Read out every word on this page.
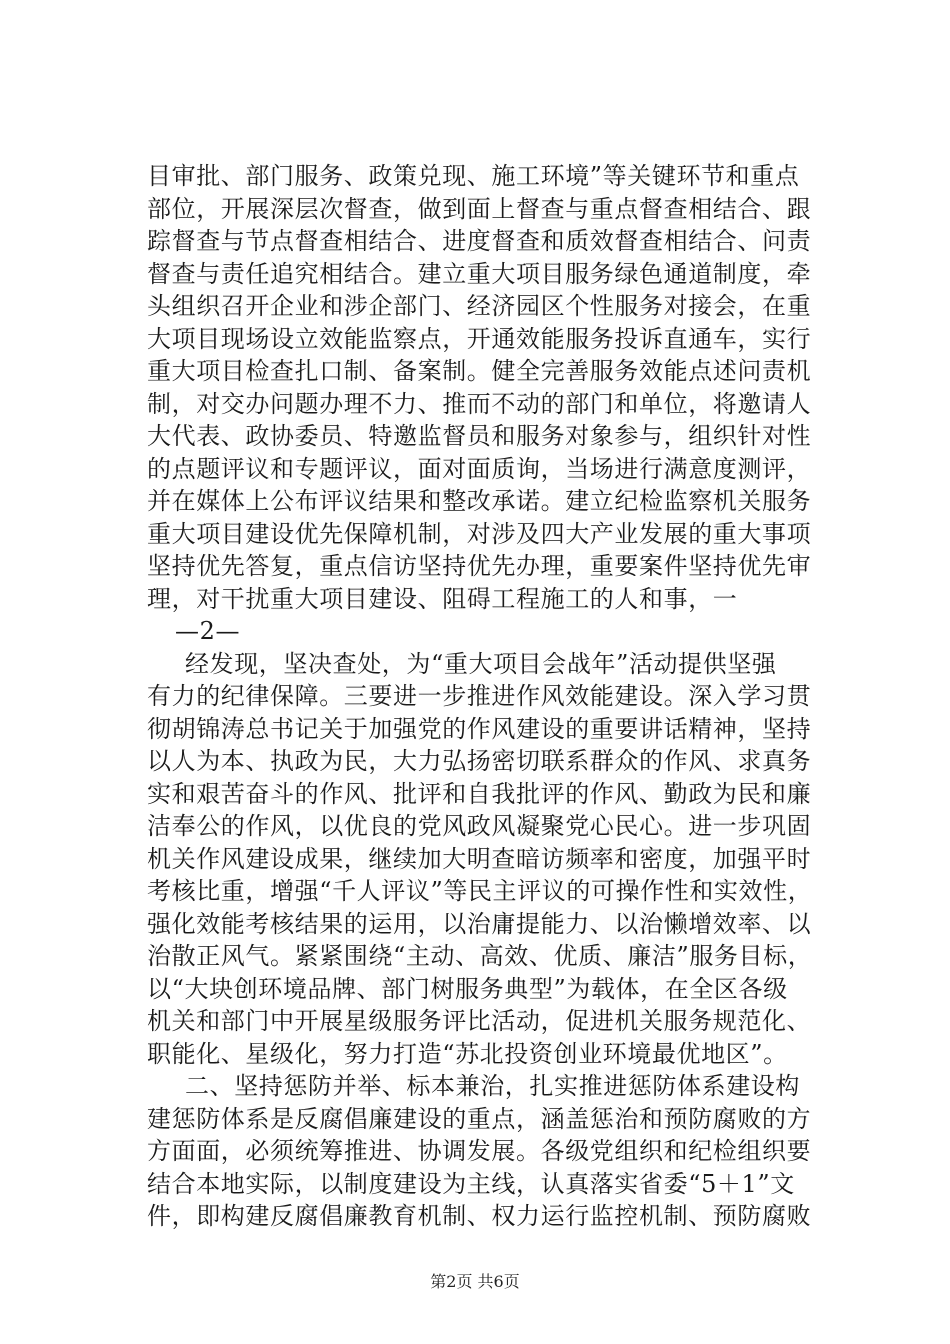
目审批、部门服务、政策兑现、施工环境”等关键环节和重点
部位，开展深层次督查，做到面上督查与重点督查相结合、跟
踪督查与节点督查相结合、进度督查和质效督查相结合、问责
督查与责任追究相结合。建立重大项目服务绿色通道制度，牵
头组织召开企业和涉企部门、经济园区个性服务对接会，在重
大项目现场设立效能监察点，开通效能服务投诉直通车，实行
重大项目检查扎口制、备案制。健全完善服务效能点述问责机
制，对交办问题办理不力、推而不动的部门和单位，将邀请人
大代表、政协委员、特邀监督员和服务对象参与，组织针对性
的点题评议和专题评议，面对面质询，当场进行满意度测评，
并在媒体上公布评议结果和整改承诺。建立纪检监察机关服务
重大项目建设优先保障机制，对涉及四大产业发展的重大事项
坚持优先答复，重点信访坚持优先办理，重要案件坚持优先审
理，对干扰重大项目建设、阻碍工程施工的人和事，一
—2—
经发现，坚决查处，为“重大项目会战年”活动提供坚强
有力的纪律保障。三要进一步推进作风效能建设。深入学习贯
彻胡锦涛总书记关于加强党的作风建设的重要讲话精神，坚持
以人为本、执政为民，大力弘扬密切联系群众的作风、求真务
实和艰苦奋斗的作风、批评和自我批评的作风、勤政为民和廉
洁奉公的作风，以优良的党风政风凝聚党心民心。进一步巩固
机关作风建设成果，继续加大明查暗访频率和密度，加强平时
考核比重，增强“千人评议”等民主评议的可操作性和实效性，
强化效能考核结果的运用，以治庸提能力、以治懒增效率、以
治散正风气。紧紧围绕“主动、高效、优质、廉洁”服务目标，
以“大块创环境品牌、部门树服务典型”为载体，在全区各级
机关和部门中开展星级服务评比活动，促进机关服务规范化、
职能化、星级化，努力打造“苏北投资创业环境最优地区”。
二、坚持惩防并举、标本兼治，扎实推进惩防体系建设构
建惩防体系是反腐倡廉建设的重点，涵盖惩治和预防腐败的方
方面面，必须统筹推进、协调发展。各级党组织和纪检组织要
结合本地实际，以制度建设为主线，认真落实省委“5＋1”文
件，即构建反腐倡廉教育机制、权力运行监控机制、预防腐败
第2页 共6页
